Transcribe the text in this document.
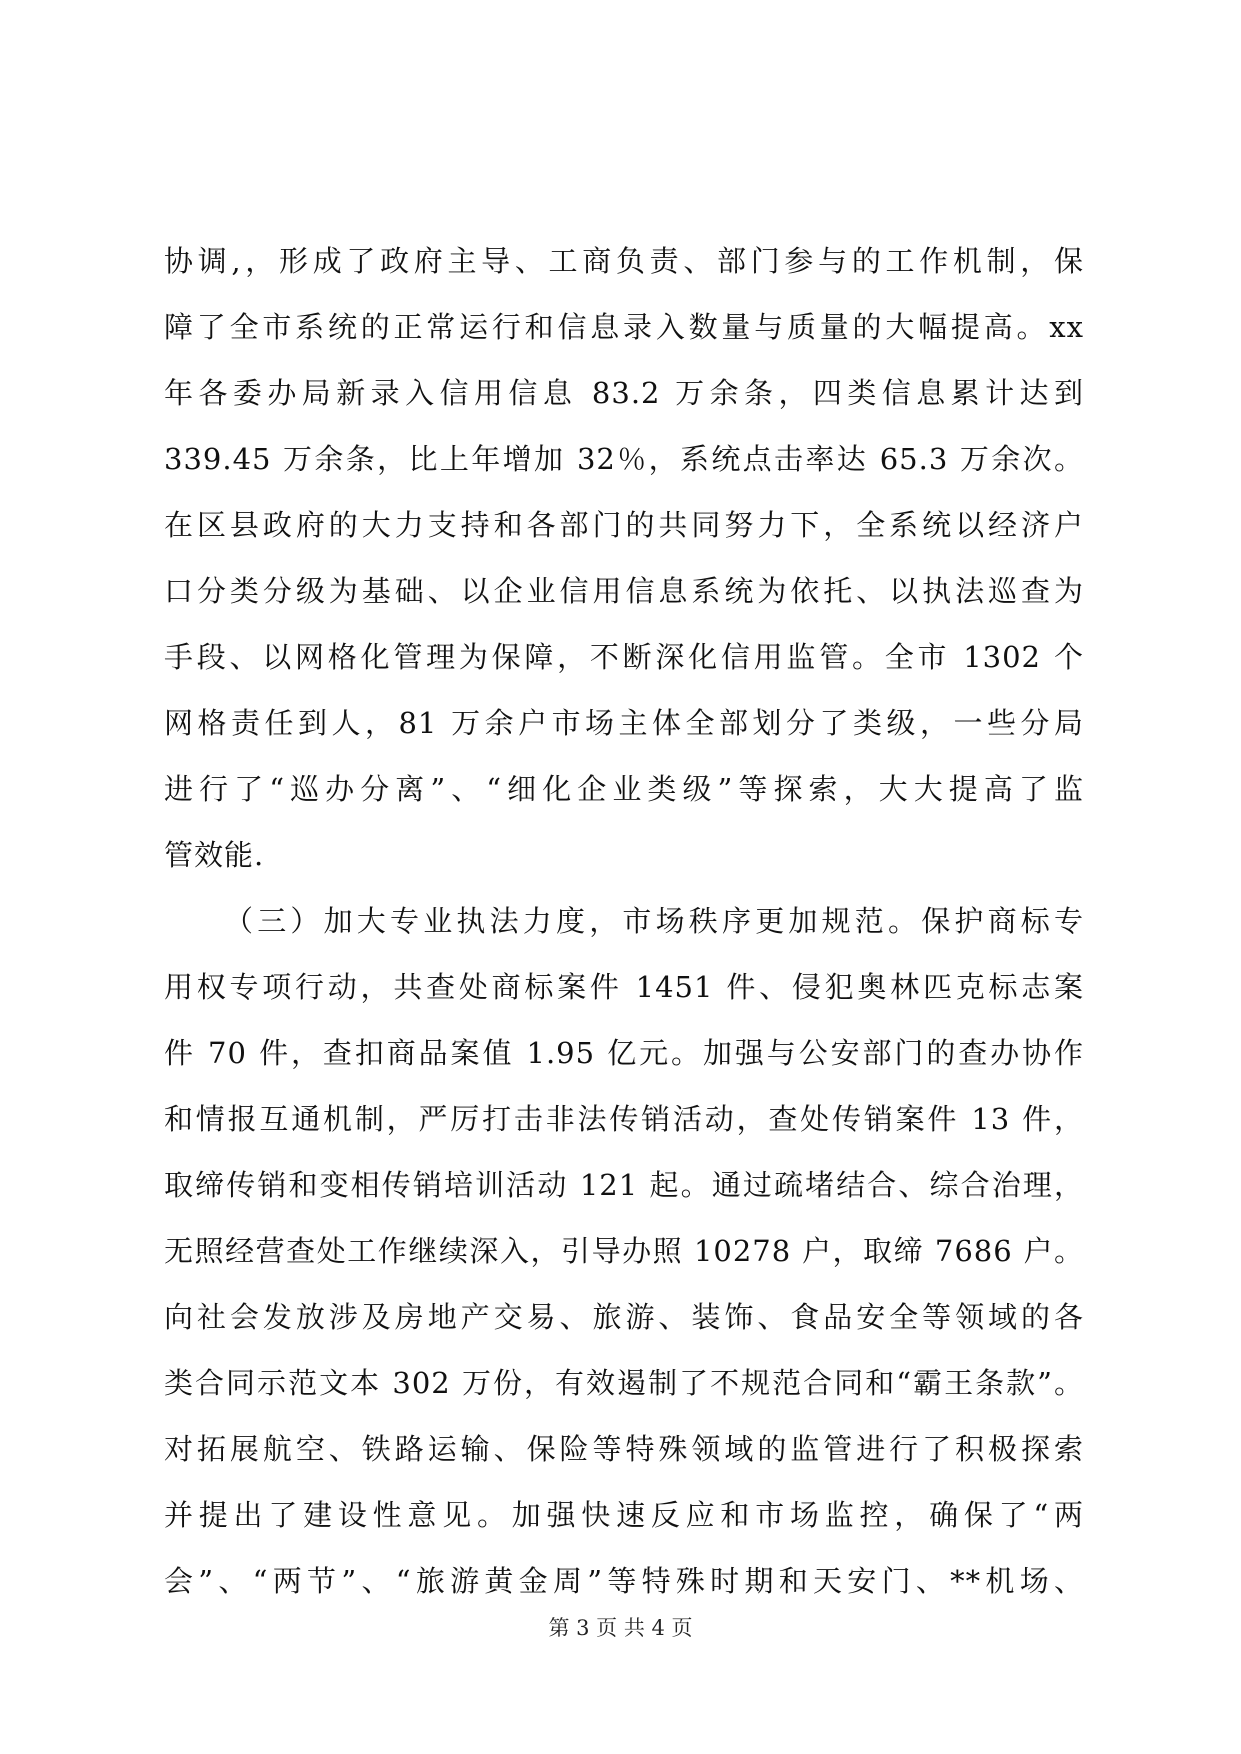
协调,，形成了政府主导、工商负责、部门参与的工作机制，保
障了全市系统的正常运行和信息录入数量与质量的大幅提高。xx
年各委办局新录入信用信息 83.2 万余条，四类信息累计达到
339.45 万余条，比上年增加 32％，系统点击率达 65.3 万余次。
在区县政府的大力支持和各部门的共同努力下，全系统以经济户
口分类分级为基础、以企业信用信息系统为依托、以执法巡查为
手段、以网格化管理为保障，不断深化信用监管。全市 1302 个
网格责任到人，81 万余户市场主体全部划分了类级，一些分局
进行了“巡办分离”、“细化企业类级”等探索，大大提高了监
管效能.
（三）加大专业执法力度，市场秩序更加规范。保护商标专
用权专项行动，共查处商标案件 1451 件、侵犯奥林匹克标志案
件 70 件，查扣商品案值 1.95 亿元。加强与公安部门的查办协作
和情报互通机制，严厉打击非法传销活动，查处传销案件 13 件，
取缔传销和变相传销培训活动 121 起。通过疏堵结合、综合治理，
无照经营查处工作继续深入，引导办照 10278 户，取缔 7686 户。
向社会发放涉及房地产交易、旅游、装饰、食品安全等领域的各
类合同示范文本 302 万份，有效遏制了不规范合同和“霸王条款”。
对拓展航空、铁路运输、保险等特殊领域的监管进行了积极探索
并提出了建设性意见。加强快速反应和市场监控，确保了“两
会”、“两节”、“旅游黄金周”等特殊时期和天安门、**机场、
第 3 页 共 4 页
